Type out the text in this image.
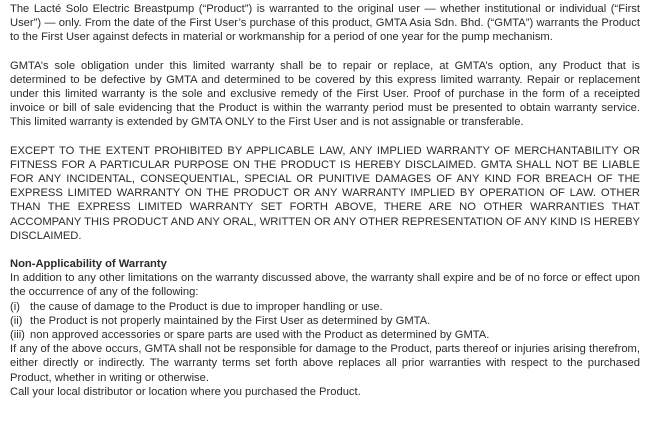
The Lacté Solo Electric Breastpump (“Product”) is warranted to the original user — whether institutional or individual (“First User”) — only. From the date of the First User’s purchase of this product, GMTA Asia Sdn. Bhd. (“GMTA”) warrants the Product to the First User against defects in material or workmanship for a period of one year for the pump mechanism.

GMTA’s sole obligation under this limited warranty shall be to repair or replace, at GMTA’s option, any Product that is determined to be defective by GMTA and determined to be covered by this express limited warranty. Repair or replacement under this limited warranty is the sole and exclusive remedy of the First User. Proof of purchase in the form of a receipted invoice or bill of sale evidencing that the Product is within the warranty period must be presented to obtain warranty service. This limited warranty is extended by GMTA ONLY to the First User and is not assignable or transferable.

EXCEPT TO THE EXTENT PROHIBITED BY APPLICABLE LAW, ANY IMPLIED WARRANTY OF MERCHANTABILITY OR FITNESS FOR A PARTICULAR PURPOSE ON THE PRODUCT IS HEREBY DISCLAIMED. GMTA SHALL NOT BE LIABLE FOR ANY INCIDENTAL, CONSEQUENTIAL, SPECIAL OR PUNITIVE DAMAGES OF ANY KIND FOR BREACH OF THE EXPRESS LIMITED WARRANTY ON THE PRODUCT OR ANY WARRANTY IMPLIED BY OPERATION OF LAW. OTHER THAN THE EXPRESS LIMITED WARRANTY SET FORTH ABOVE, THERE ARE NO OTHER WARRANTIES THAT ACCOMPANY THIS PRODUCT AND ANY ORAL, WRITTEN OR ANY OTHER REPRESENTATION OF ANY KIND IS HEREBY DISCLAIMED.

Non-Applicability of Warranty

In addition to any other limitations on the warranty discussed above, the warranty shall expire and be of no force or effect upon the occurrence of any of the following:

(i) the cause of damage to the Product is due to improper handling or use.
(ii) the Product is not properly maintained by the First User as determined by GMTA.
(iii) non approved accessories or spare parts are used with the Product as determined by GMTA.

If any of the above occurs, GMTA shall not be responsible for damage to the Product, parts thereof or injuries arising therefrom, either directly or indirectly. The warranty terms set forth above replaces all prior warranties with respect to the purchased Product, whether in writing or otherwise.

Call your local distributor or location where you purchased the Product.
